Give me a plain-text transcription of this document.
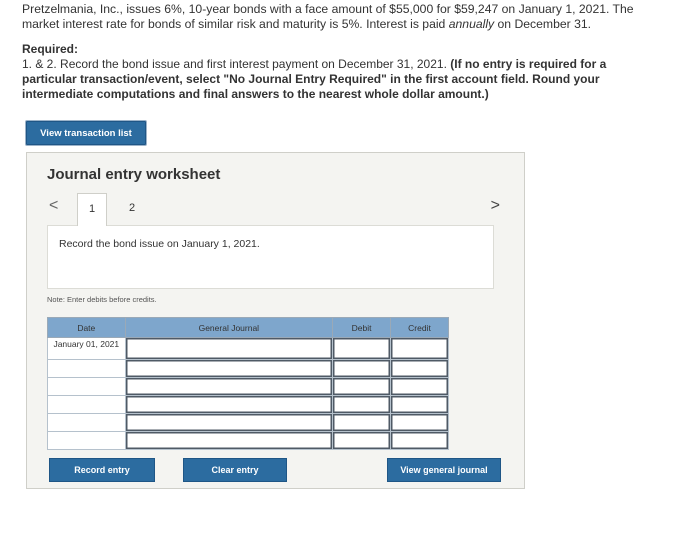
Pretzelmania, Inc., issues 6%, 10-year bonds with a face amount of $55,000 for $59,247 on January 1, 2021. The market interest rate for bonds of similar risk and maturity is 5%. Interest is paid annually on December 31.
Required:
1. & 2. Record the bond issue and first interest payment on December 31, 2021. (If no entry is required for a particular transaction/event, select "No Journal Entry Required" in the first account field. Round your intermediate computations and final answers to the nearest whole dollar amount.)
View transaction list
Journal entry worksheet
<	1	2	>
Record the bond issue on January 1, 2021.
Note: Enter debits before credits.
Date	General Journal	Debit	Credit
January 01, 2021			

Record entry	Clear entry	View general journal
